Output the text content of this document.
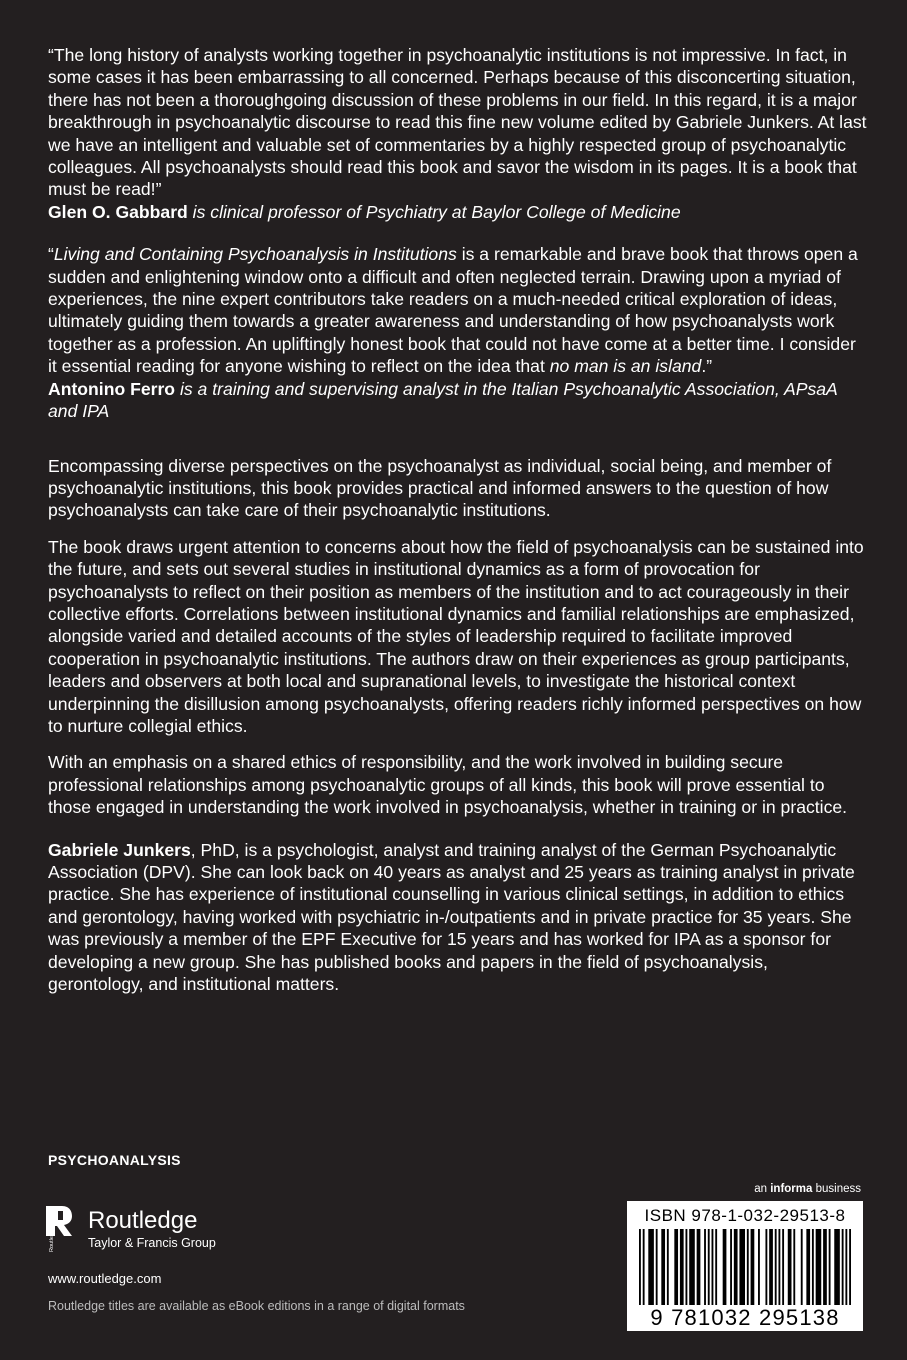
“The long history of analysts working together in psychoanalytic institutions is not impressive. In fact, in some cases it has been embarrassing to all concerned. Perhaps because of this disconcerting situation, there has not been a thoroughgoing discussion of these problems in our field. In this regard, it is a major breakthrough in psychoanalytic discourse to read this fine new volume edited by Gabriele Junkers. At last we have an intelligent and valuable set of commentaries by a highly respected group of psychoanalytic colleagues. All psychoanalysts should read this book and savor the wisdom in its pages. It is a book that must be read!”
Glen O. Gabbard is clinical professor of Psychiatry at Baylor College of Medicine

“Living and Containing Psychoanalysis in Institutions is a remarkable and brave book that throws open a sudden and enlightening window onto a difficult and often neglected terrain. Drawing upon a myriad of experiences, the nine expert contributors take readers on a much-needed critical exploration of ideas, ultimately guiding them towards a greater awareness and understanding of how psychoanalysts work together as a profession. An upliftingly honest book that could not have come at a better time. I consider it essential reading for anyone wishing to reflect on the idea that no man is an island.”
Antonino Ferro is a training and supervising analyst in the Italian Psychoanalytic Association, APsaA and IPA

Encompassing diverse perspectives on the psychoanalyst as individual, social being, and member of psychoanalytic institutions, this book provides practical and informed answers to the question of how psychoanalysts can take care of their psychoanalytic institutions.

The book draws urgent attention to concerns about how the field of psychoanalysis can be sustained into the future, and sets out several studies in institutional dynamics as a form of provocation for psychoanalysts to reflect on their position as members of the institution and to act courageously in their collective efforts. Correlations between institutional dynamics and familial relationships are emphasized, alongside varied and detailed accounts of the styles of leadership required to facilitate improved cooperation in psychoanalytic institutions. The authors draw on their experiences as group participants, leaders and observers at both local and supranational levels, to investigate the historical context underpinning the disillusion among psychoanalysts, offering readers richly informed perspectives on how to nurture collegial ethics.

With an emphasis on a shared ethics of responsibility, and the work involved in building secure professional relationships among psychoanalytic groups of all kinds, this book will prove essential to those engaged in understanding the work involved in psychoanalysis, whether in training or in practice.

Gabriele Junkers, PhD, is a psychologist, analyst and training analyst of the German Psychoanalytic Association (DPV). She can look back on 40 years as analyst and 25 years as training analyst in private practice. She has experience of institutional counselling in various clinical settings, in addition to ethics and gerontology, having worked with psychiatric in-/outpatients and in private practice for 35 years. She was previously a member of the EPF Executive for 15 years and has worked for IPA as a sponsor for developing a new group. She has published books and papers in the field of psychoanalysis, gerontology, and institutional matters.

PSYCHOANALYSIS
Routledge
Routledge
Taylor & Francis Group
www.routledge.com
Routledge titles are available as eBook editions in a range of digital formats
an informa business
ISBN 978-1-032-29513-8
9 781032 295138
